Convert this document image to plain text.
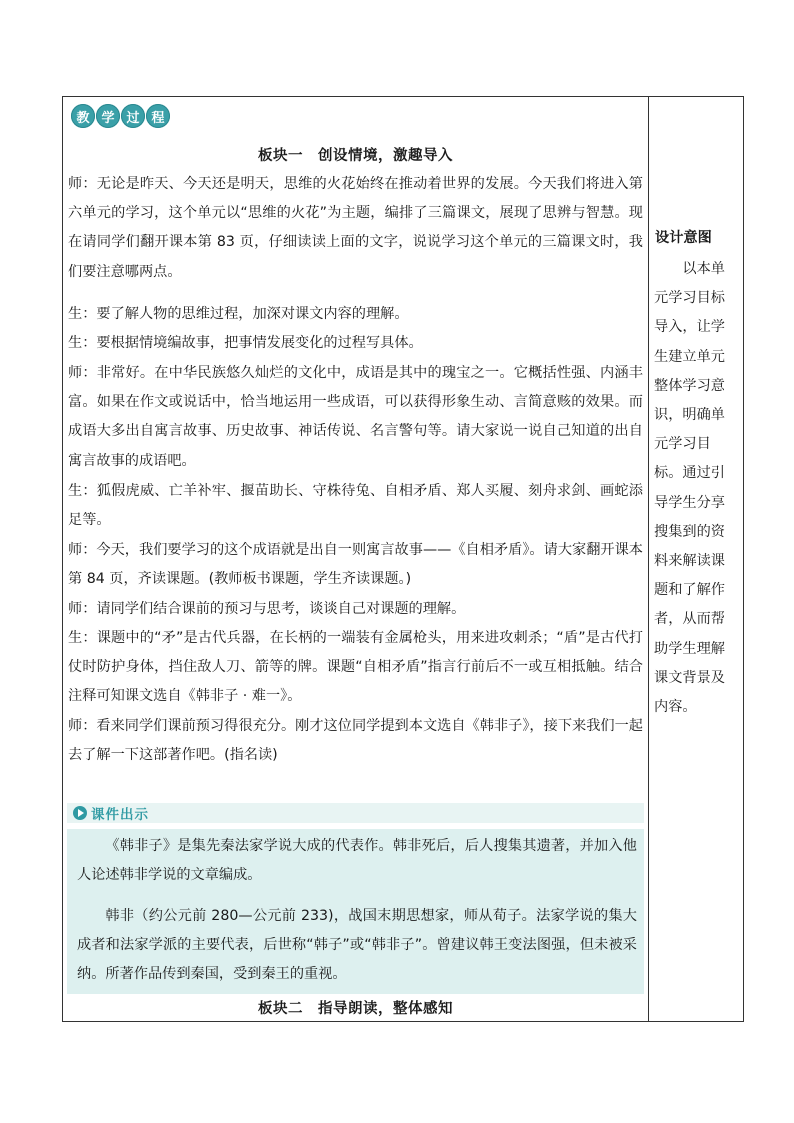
教 学 过 程
板块一　创设情境，激趣导入
师：无论是昨天、今天还是明天，思维的火花始终在推动着世界的发展。今天我们将进入第六单元的学习，这个单元以“思维的火花”为主题，编排了三篇课文，展现了思辨与智慧。现在请同学们翻开课本第 83 页，仔细读读上面的文字，说说学习这个单元的三篇课文时，我们要注意哪两点。
生：要了解人物的思维过程，加深对课文内容的理解。
生：要根据情境编故事，把事情发展变化的过程写具体。
师：非常好。在中华民族悠久灿烂的文化中，成语是其中的瑰宝之一。它概括性强、内涵丰富。如果在作文或说话中，恰当地运用一些成语，可以获得形象生动、言简意赅的效果。而成语大多出自寓言故事、历史故事、神话传说、名言警句等。请大家说一说自己知道的出自寓言故事的成语吧。
生：狐假虎威、亡羊补牢、揠苗助长、守株待兔、自相矛盾、郑人买履、刻舟求剑、画蛇添足等。
师：今天，我们要学习的这个成语就是出自一则寓言故事——《自相矛盾》。请大家翻开课本第 84 页，齐读课题。(教师板书课题，学生齐读课题。)
师：请同学们结合课前的预习与思考，谈谈自己对课题的理解。
生：课题中的“矛”是古代兵器，在长柄的一端装有金属枪头，用来进攻刺杀；“盾”是古代打仗时防护身体，挡住敌人刀、箭等的牌。课题“自相矛盾”指言行前后不一或互相抵触。结合注释可知课文选自《韩非子 · 难一》。
师：看来同学们课前预习得很充分。刚才这位同学提到本文选自《韩非子》，接下来我们一起去了解一下这部著作吧。(指名读)
课件出示
《韩非子》是集先秦法家学说大成的代表作。韩非死后，后人搜集其遗著，并加入他人论述韩非学说的文章编成。
韩非（约公元前 280—公元前 233)，战国末期思想家，师从荀子。法家学说的集大成者和法家学派的主要代表，后世称“韩子”或“韩非子”。曾建议韩王变法图强，但未被采纳。所著作品传到秦国，受到秦王的重视。
板块二　指导朗读，整体感知
设计意图
以本单元学习目标导入，让学生建立单元整体学习意识，明确单元学习目标。通过引导学生分享搜集到的资料来解读课题和了解作者，从而帮助学生理解课文背景及内容。
